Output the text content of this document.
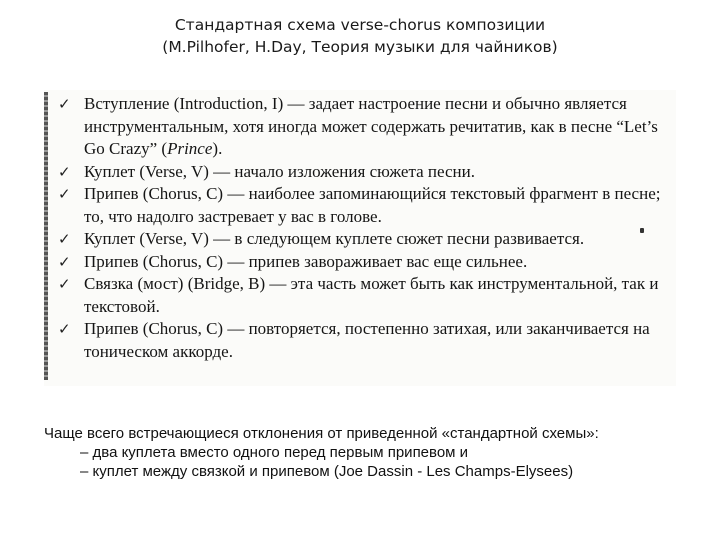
Стандартная схема verse-chorus композиции
(M.Pilhofer, H.Day, Теория музыки для чайников)
✓ Вступление (Introduction, I) — задает настроение песни и обычно является инструментальным, хотя иногда может содержать речитатив, как в песне “Let’s Go Crazy” (Prince).
✓ Куплет (Verse, V) — начало изложения сюжета песни.
✓ Припев (Chorus, C) — наиболее запоминающийся текстовый фрагмент в песне; то, что надолго застревает у вас в голове.
✓ Куплет (Verse, V) — в следующем куплете сюжет песни развивается.
✓ Припев (Chorus, C) — припев завораживает вас еще сильнее.
✓ Связка (мост) (Bridge, B) — эта часть может быть как инструментальной, так и текстовой.
✓ Припев (Chorus, C) — повторяется, постепенно затихая, или заканчивается на тоническом аккорде.
Чаще всего встречающиеся отклонения от приведенной «стандартной схемы»:
– два куплета вместо одного перед первым припевом и
– куплет между связкой и припевом (Joe Dassin - Les Champs-Elysees)
